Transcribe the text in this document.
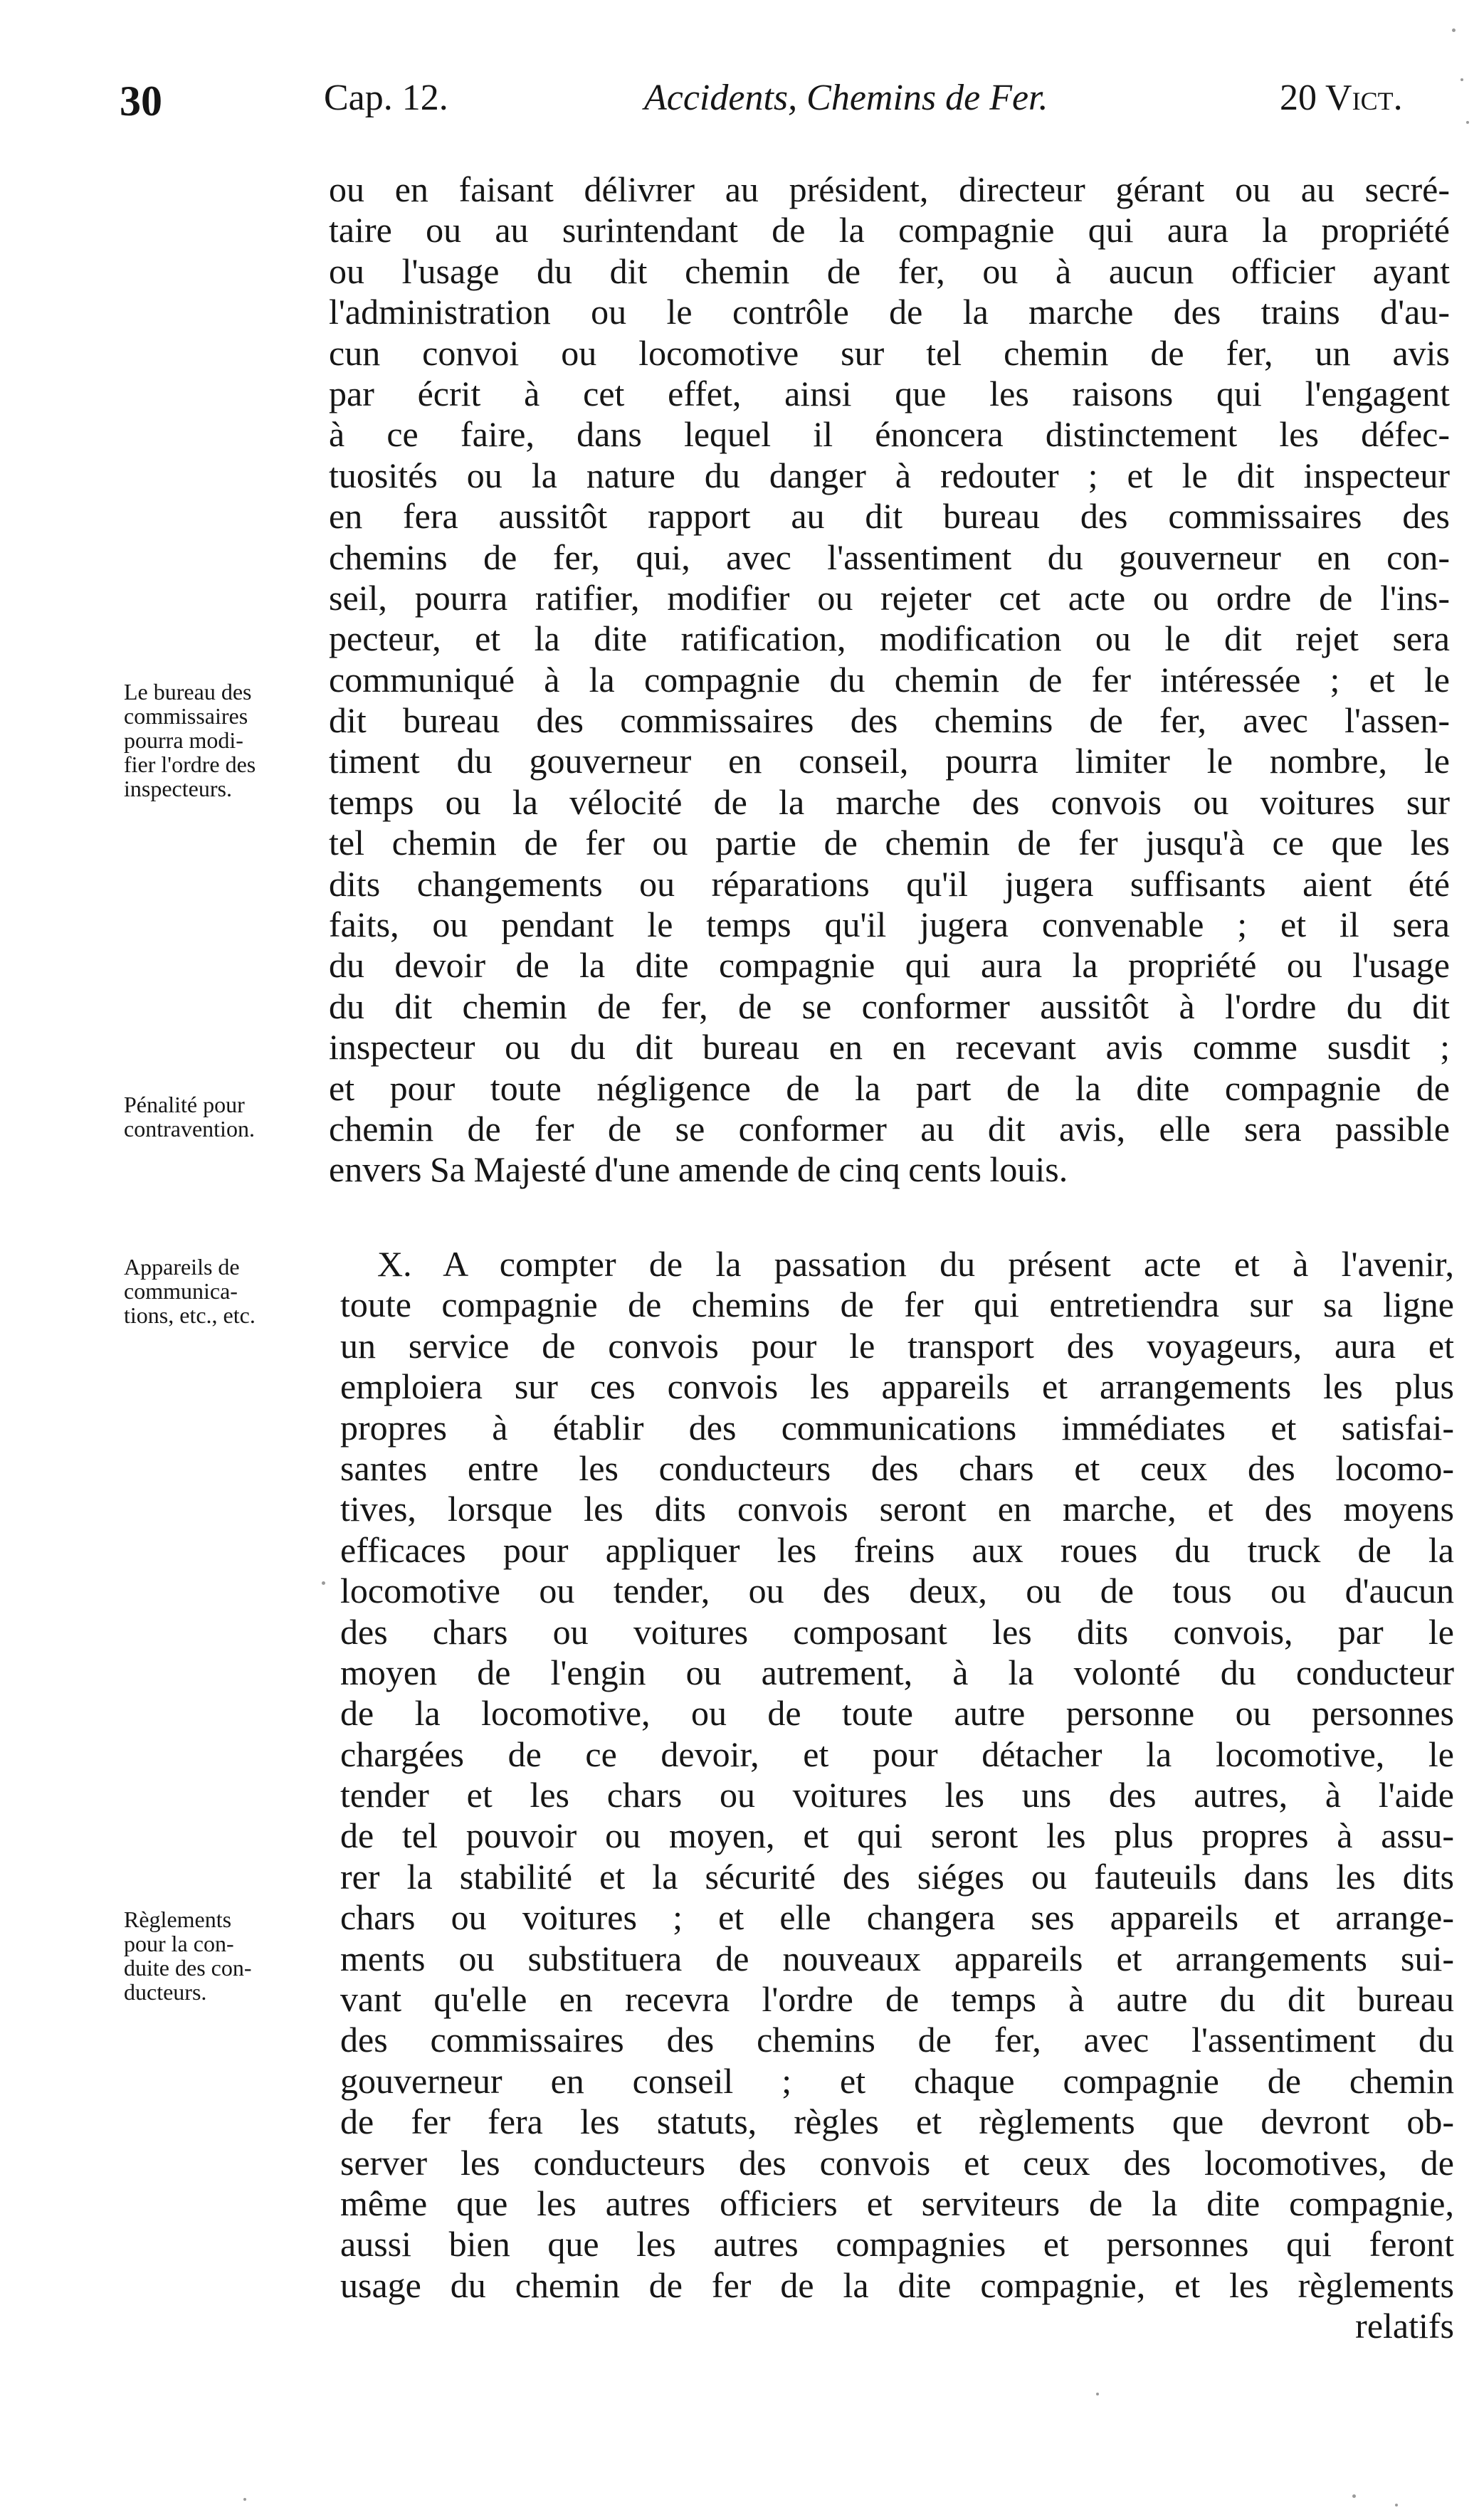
30	Cap. 12.	Accidents, Chemins de Fer.	20 Vict.
ou en faisant délivrer au président, directeur gérant ou au secré-
taire ou au surintendant de la compagnie qui aura la propriété
ou l'usage du dit chemin de fer, ou à aucun officier ayant
l'administration ou le contrôle de la marche des trains d'au-
cun convoi ou locomotive sur tel chemin de fer, un avis
par écrit à cet effet, ainsi que les raisons qui l'engagent
à ce faire, dans lequel il énoncera distinctement les défec-
tuosités ou la nature du danger à redouter ; et le dit inspecteur
en fera aussitôt rapport au dit bureau des commissaires des
chemins de fer, qui, avec l'assentiment du gouverneur en con-
seil, pourra ratifier, modifier ou rejeter cet acte ou ordre de l'ins-
pecteur, et la dite ratification, modification ou le dit rejet sera
communiqué à la compagnie du chemin de fer intéressée ; et le
dit bureau des commissaires des chemins de fer, avec l'assen-
timent du gouverneur en conseil, pourra limiter le nombre, le
temps ou la vélocité de la marche des convois ou voitures sur
tel chemin de fer ou partie de chemin de fer jusqu'à ce que les
dits changements ou réparations qu'il jugera suffisants aient été
faits, ou pendant le temps qu'il jugera convenable ; et il sera
du devoir de la dite compagnie qui aura la propriété ou l'usage
du dit chemin de fer, de se conformer aussitôt à l'ordre du dit
inspecteur ou du dit bureau en en recevant avis comme susdit ;
et pour toute négligence de la part de la dite compagnie de
chemin de fer de se conformer au dit avis, elle sera passible
envers Sa Majesté d'une amende de cinq cents louis.
X. A compter de la passation du présent acte et à l'avenir,
toute compagnie de chemins de fer qui entretiendra sur sa ligne
un service de convois pour le transport des voyageurs, aura et
emploiera sur ces convois les appareils et arrangements les plus
propres à établir des communications immédiates et satisfai-
santes entre les conducteurs des chars et ceux des locomo-
tives, lorsque les dits convois seront en marche, et des moyens
efficaces pour appliquer les freins aux roues du truck de la
locomotive ou tender, ou des deux, ou de tous ou d'aucun
des chars ou voitures composant les dits convois, par le
moyen de l'engin ou autrement, à la volonté du conducteur
de la locomotive, ou de toute autre personne ou personnes
chargées de ce devoir, et pour détacher la locomotive, le
tender et les chars ou voitures les uns des autres, à l'aide
de tel pouvoir ou moyen, et qui seront les plus propres à assu-
rer la stabilité et la sécurité des siéges ou fauteuils dans les dits
chars ou voitures ; et elle changera ses appareils et arrange-
ments ou substituera de nouveaux appareils et arrangements sui-
vant qu'elle en recevra l'ordre de temps à autre du dit bureau
des commissaires des chemins de fer, avec l'assentiment du
gouverneur en conseil ; et chaque compagnie de chemin
de fer fera les statuts, règles et règlements que devront ob-
server les conducteurs des convois et ceux des locomotives, de
même que les autres officiers et serviteurs de la dite compagnie,
aussi bien que les autres compagnies et personnes qui feront
usage du chemin de fer de la dite compagnie, et les règlements
relatifs
Le bureau des
commissaires
pourra modi-
fier l'ordre des
inspecteurs.
Pénalité pour
contravention.
Appareils de
communica-
tions, etc., etc.
Règlements
pour la con-
duite des con-
ducteurs.
